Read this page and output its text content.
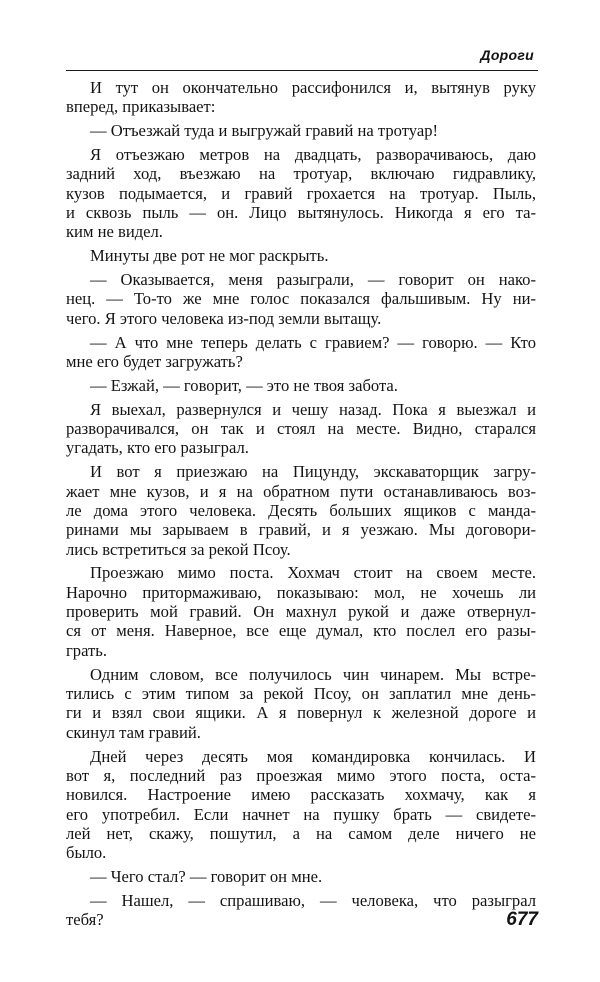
Дороги
И тут он окончательно рассифонился и, вытянув руку
вперед, приказывает:
— Отъезжай туда и выгружай гравий на тротуар!
Я отъезжаю метров на двадцать, разворачиваюсь, даю
задний ход, въезжаю на тротуар, включаю гидравлику,
кузов подымается, и гравий грохается на тротуар. Пыль,
и сквозь пыль — он. Лицо вытянулось. Никогда я его та-
ким не видел.
Минуты две рот не мог раскрыть.
— Оказывается, меня разыграли, — говорит он нако-
нец. — То-то же мне голос показался фальшивым. Ну ни-
чего. Я этого человека из-под земли вытащу.
— А что мне теперь делать с гравием? — говорю. — Кто
мне его будет загружать?
— Езжай, — говорит, — это не твоя забота.
Я выехал, развернулся и чешу назад. Пока я выезжал и
разворачивался, он так и стоял на месте. Видно, старался
угадать, кто его разыграл.
И вот я приезжаю на Пицунду, экскаваторщик загру-
жает мне кузов, и я на обратном пути останавливаюсь воз-
ле дома этого человека. Десять больших ящиков с манда-
ринами мы зарываем в гравий, и я уезжаю. Мы договори-
лись встретиться за рекой Псоу.
Проезжаю мимо поста. Хохмач стоит на своем месте.
Нарочно притормаживаю, показываю: мол, не хочешь ли
проверить мой гравий. Он махнул рукой и даже отвернул-
ся от меня. Наверное, все еще думал, кто послел его разы-
грать.
Одним словом, все получилось чин чинарем. Мы встре-
тились с этим типом за рекой Псоу, он заплатил мне день-
ги и взял свои ящики. А я повернул к железной дороге и
скинул там гравий.
Дней через десять моя командировка кончилась. И
вот я, последний раз проезжая мимо этого поста, оста-
новился. Настроение имею рассказать хохмачу, как я
его употребил. Если начнет на пушку брать — свидете-
лей нет, скажу, пошутил, а на самом деле ничего не
было.
— Чего стал? — говорит он мне.
— Нашел, — спрашиваю, — человека, что разыграл
тебя?	677
